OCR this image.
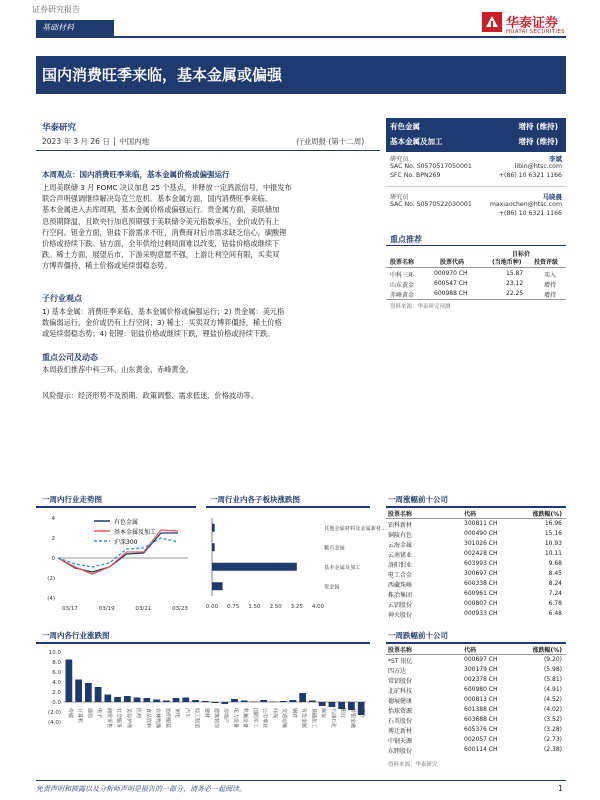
证券研究报告
基础材料	华泰证券
HUATAI SECURITIES
国内消费旺季来临，基本金属或偏强
华泰研究
2023 年 3 月 26 日 │ 中国内地	行业周报 (第十二周)
有色金属	增持 (维持)
基本金属及加工	增持 (维持)
研究员	李斌
SAC No. S0570517050001	libin@htsc.com
SFC No. BPN269	+(86) 10 6321 1166
研究员	马晓晨
SAC No. S0570522030001	maxiaochen@htsc.com
+(86) 10 6321 1166
本周观点：国内消费旺季来临，基本金属价格或偏强运行
上周美联储 3 月 FOMC 决议加息 25 个基点，并释放一定鸽派信号，中报发布
联合声明强调继续解决岛克兰危机。基本金属方面，国内消费旺季来临，
基本金属进入去库周期，基本金属价格或偏强运行。贵金属方面，美联储加
息预期降温，且欧央行加息预期强于美联储令美元指数承压，金价或仍有上
行空间。钽金方面，钽盐下游需求不旺，消费商对后市需求缺乏信心，碳酸锂
价格或持续下跌。钴方面，全年供给过剩局面难以改变，钴盐价格或继续下
跌。稀土方面，展望后市，下游采购意愿不强，上游让利空间有限，买卖双
方博弈僵持，稀土价格或延续弱稳态势。
子行业观点
1) 基本金属：消费旺季来临，基本金属价格或偏强运行；2) 贵金属：美元指
数偏弱运行，金价或仍有上行空间；3) 稀土：买卖双方博弈僵持，稀土价格
或延续弱稳态势；4) 铝锂：铝盐价格或继续下跌，锂盐价格或持续下跌。
重点公司及动态
本周我们推荐中科三环、山东黄金、赤峰黄金。
风险提示：经济形势不及预期、政策调整、需求低迷、价格波动等。
重点推荐
目标价
股票名称	股票代码	(当地币种) 投资评级
中科三环	000970 CH	15.87	买入
山东黄金	600547 CH	23.12	增持
赤峰黄金	600988 CH	22.25	增持
资料来源：华泰研究预测
一周内行业走势图
4
2
0
(2)
(4)
03/17	03/19	03/21	03/23
有色金属
基本金属及加工
沪深300
一周行业内各子板块涨跌图
其他金属材料及金属新材...
稀有金属
基本金属及加工
贵金属
0.00 0.75 1.50 2.50 3.25 4.00
一周内各行业涨跌图
10.0
8.0
6.0
4.0
2.0
0.0
(2.0)
(4.0)
传媒 计算机 通信 电子 商贸零售 社会服务 美容护理 医药 食品饮料 农林牧渔 纺织服装 家电 汽车 轻工制造 建材 建筑装饰 房地产 电力设备 机械设备 国防军工 公用事业 环保 交通运输 钢铁 有色金属 基础化工 煤炭 石油石化 银行 非银金融 综合
一周涨幅前十公司
股票名称	代码	涨跌幅(%)
铂科新材	300811 CH	16.96
铜陵有色	000490 CH	15.16
云海金属	301026 CH	10.93
云南锗业	002428 CH	10.11
洛阳钼业	603993 CH	9.68
电工合金	300697 CH	8.45
西藏珠峰	600338 CH	8.24
株冶集团	600961 CH	7.24
云铝股份	000807 CH	6.78
神火股份	000933 CH	6.48
一周跌幅前十公司
股票名称	代码	涨跌幅(%)
*ST 银亿	000697 CH	(9.20)
四方达	300179 CH	(5.98)
常铝股份	002378 CH	(5.81)
北矿科技	600980 CH	(4.91)
德展健康	000813 CH	(4.52)
怡球资源	601388 CH	(4.02)
石英股份	603688 CH	(3.52)
博迁新材	605376 CH	(3.28)
中钢天源	002057 CH	(2.73)
东睦股份	600114 CH	(2.38)
资料来源：华泰研究
免责声明和披露以及分析师声明是报告的一部分，请务必一起阅读。	1
